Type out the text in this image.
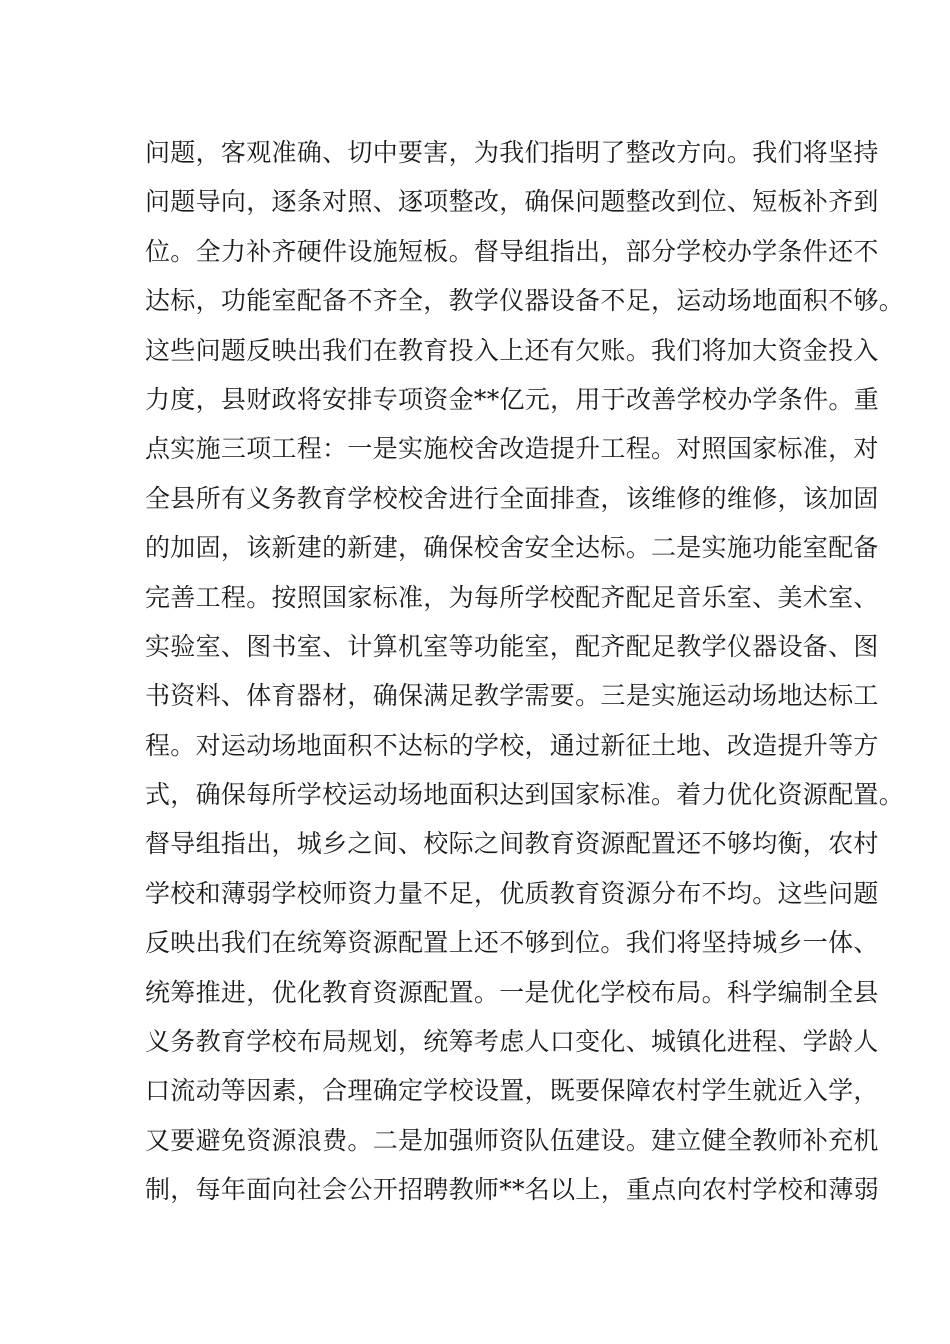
问题，客观准确、切中要害，为我们指明了整改方向。我们将坚持
问题导向，逐条对照、逐项整改，确保问题整改到位、短板补齐到
位。全力补齐硬件设施短板。督导组指出，部分学校办学条件还不
达标，功能室配备不齐全，教学仪器设备不足，运动场地面积不够。
这些问题反映出我们在教育投入上还有欠账。我们将加大资金投入
力度，县财政将安排专项资金**亿元，用于改善学校办学条件。重
点实施三项工程：一是实施校舍改造提升工程。对照国家标准，对
全县所有义务教育学校校舍进行全面排查，该维修的维修，该加固
的加固，该新建的新建，确保校舍安全达标。二是实施功能室配备
完善工程。按照国家标准，为每所学校配齐配足音乐室、美术室、
实验室、图书室、计算机室等功能室，配齐配足教学仪器设备、图
书资料、体育器材，确保满足教学需要。三是实施运动场地达标工
程。对运动场地面积不达标的学校，通过新征土地、改造提升等方
式，确保每所学校运动场地面积达到国家标准。着力优化资源配置。
督导组指出，城乡之间、校际之间教育资源配置还不够均衡，农村
学校和薄弱学校师资力量不足，优质教育资源分布不均。这些问题
反映出我们在统筹资源配置上还不够到位。我们将坚持城乡一体、
统筹推进，优化教育资源配置。一是优化学校布局。科学编制全县
义务教育学校布局规划，统筹考虑人口变化、城镇化进程、学龄人
口流动等因素，合理确定学校设置，既要保障农村学生就近入学，
又要避免资源浪费。二是加强师资队伍建设。建立健全教师补充机
制，每年面向社会公开招聘教师**名以上，重点向农村学校和薄弱
